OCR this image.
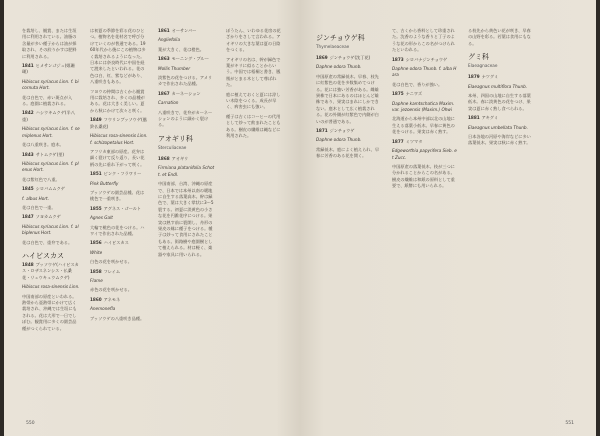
を栽培し、観賞、または生垣用に利用されている。油脂の含量が多い種子からは油が採取され、その絞りかすは肥料に利用される。

1841 ヒメサンゴジュ(姫珊瑚)

Hibiscus syriacus Linn. f. bicornuta Hort.

花は白色で、赤い斑点が入る。庭園に植栽される。

1842 ハシウキムクゲ(半八重)

Hibiscus syriacus Linn. f. semiplenus Hort.

花は八重咲き。庭木。

1843 サトムクゲ(里)

Hibiscus syriacus Linn. f. plenus Hort.

花は紫紅色で八重。

1845 シロバムムクゲ

f. albus Hort.

花は白色で一重。

1847 ソヨカムクゲ

Hibiscus syriacus Linn. f. albiplenus Hort.

花は白色で、重弁である。

ハイビスカス

1848 ブッソウゲ(ハイビスカス・ロザスネンシス・仏桑花・リュウキュウムクゲ)

Hibiscus rosa-sinensis Linn.

中国南部の原産といわれる。熱帯から亜熱帯にかけて広く栽培され、沖縄では生垣にもされる。花は大形で一日でしぼむ。観賞用に多くの園芸品種がつくられている。

は初夏の季節を彩る花のひとつ。植物名を花材名で呼び分けていくのが普通である。1960年代から後にこの植物は多く栽培されるようになった。日本には奈良時代に中国を経て渡来したといわれる。花の色は白、紅、紫などがあり、八重咲きもある。

フヨウの仲間は古くから観賞用に栽培され、多くの品種がある。花は大きく美しい。夏から秋にかけて次々と咲く。

1849 フウリンブッソウゲ(風鈴仏桑花)

Hibiscus rosa-sinensis Linn. f. schizopetalus Hort.

アフリカ東部の原産。花弁は細く裂けて反り返り、長い花柄の先に垂れ下がって咲く。

1851 ピンク・フラワリー

Pink Butterfly

ブッソウゲの園芸品種。花は桃色で一重咲き。

1855 アグネス・ゴールト

Agnes Galt

大輪で桃色の花をつける。ハワイで作出された品種。

1856 ハイビスカス

White

白色の花を咲かせる。

1858 フレイム

Flame

赤色の花を咲かせる。

1860 アネモネ

Anemonefla

ブッソウゲの八重咲き品種。

1861 オーサンバー

Angliefolia

葉が大きく、花は橙色。

1863 モーニング・ブルー

Mollis Thumber

淡紫色の花をつける。アメリカで作出された品種。

1867 カーネーション

Carnation

八重咲きで、花弁がカーネーションのように細かく裂ける。

アオギリ科
Sterculiaceae

1868 アオギリ

Firmiana platanifolia Schott. et Endl.

中国南部、台湾、沖縄の原産で、日本では本州以南の暖地に自生する落葉高木。幹は緑色で、葉は大きく掌状に3〜5裂する。初夏に淡黄色の小さな花を円錐花序につける。果実は熟す前に裂開し、舟形の果皮の縁に種子をつける。種子は炒って食用にされたこともある。街路樹や庭園樹として植えられる。材は軽く、楽器や家具に用いられる。

ぼうたん、いわゆる花房の花ざかりをさして言われる。アオギリの大きな葉は夏の日陰をつくる。

アオギリの名は、幹が緑色で葉がキリに似ることからいう。中国では梧桐と書き、鳳凰がとまる木として尊ばれた。

庭に植えておくと夏には涼しい木陰をつくる。成長が早く、病害虫にも強い。

種子は古くはコーヒーの代用として炒って飲まれたこともある。樹皮の繊維は縄などに利用された。

550
ジンチョウゲ科
Thymelaeaceae

1869 ジンチョウゲ(沈丁花)

Daphne odora Thunb.

中国原産の常緑低木。早春、枝先に紅紫色の花を多数集めてつける。花には強い芳香がある。雌雄異株で日本にあるのはほとんど雄株であり、果実はまれにしかできない。庭木として広く植栽される。花の外側が紅紫色で内側が白いのが普通である。

1871 ジンチョウゲ

Daphne odora Thunb.

常緑低木。庭によく植えられ、早春に芳香のある花を開く。

て、古くから香料として珍重された。沈香のような香りと丁子のような花の形からこの名がつけられたといわれる。

1873 シロバナジンチョウゲ

Daphne odora Thunb. f. alba Hara

花は白色で、香りが強い。

1875 ナニワズ

Daphne kamtschatica Maxim. var. jezoensis (Maxim.) Ohwi

北海道から本州中部以北の山地に生える落葉小低木。早春に黄色の花をつける。果実は赤く熟す。

1877 ミツマタ

Edgeworthia papyrifera Sieb. et Zucc.

中国原産の落葉低木。枝が三つに分かれることからこの名がある。樹皮の繊維は和紙の原料として重要で、紙幣にも用いられる。

る枝先から黄色い花が咲き、早春の山野を彩る。若葉は食用にもなる。

グミ科
Elaeagnaceae

1879 ナツグミ

Elaeagnus multiflora Thunb.

本州、四国の山地に自生する落葉低木。春に淡黄色の花をつけ、果実は夏に赤く熟し食べられる。

1881 アキグミ

Elaeagnus umbellata Thunb.

日本各地の河原や海岸などに多い落葉低木。果実は秋に赤く熟す。

551
